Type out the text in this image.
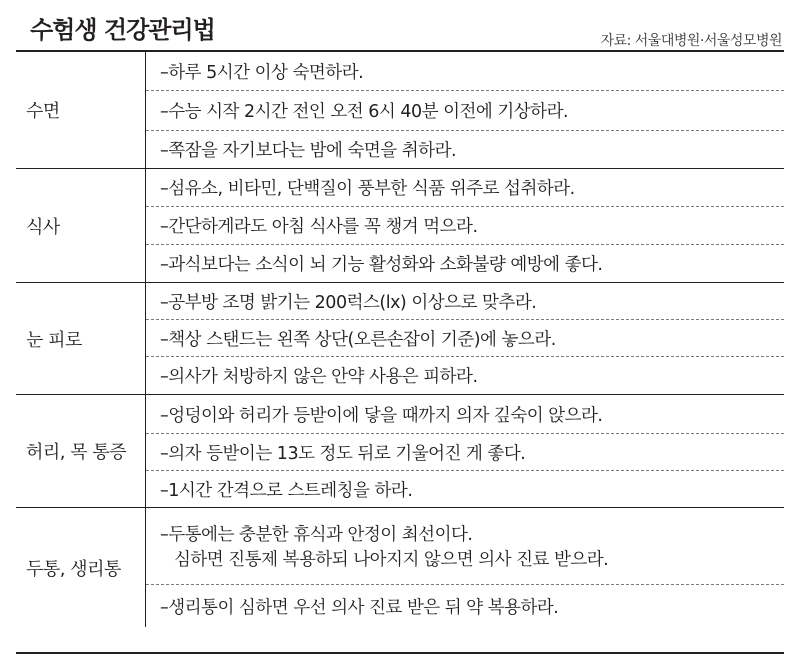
수험생 건강관리법	자료: 서울대병원·서울성모병원
수면
–하루 5시간 이상 숙면하라.
–수능 시작 2시간 전인 오전 6시 40분 이전에 기상하라.
–쪽잠을 자기보다는 밤에 숙면을 취하라.
식사
–섬유소, 비타민, 단백질이 풍부한 식품 위주로 섭취하라.
–간단하게라도 아침 식사를 꼭 챙겨 먹으라.
–과식보다는 소식이 뇌 기능 활성화와 소화불량 예방에 좋다.
눈 피로
–공부방 조명 밝기는 200럭스(lx) 이상으로 맞추라.
–책상 스탠드는 왼쪽 상단(오른손잡이 기준)에 놓으라.
–의사가 처방하지 않은 안약 사용은 피하라.
허리, 목 통증
–엉덩이와 허리가 등받이에 닿을 때까지 의자 깊숙이 앉으라.
–의자 등받이는 13도 정도 뒤로 기울어진 게 좋다.
–1시간 간격으로 스트레칭을 하라.
두통, 생리통
–두통에는 충분한 휴식과 안정이 최선이다.
심하면 진통제 복용하되 나아지지 않으면 의사 진료 받으라.
–생리통이 심하면 우선 의사 진료 받은 뒤 약 복용하라.
